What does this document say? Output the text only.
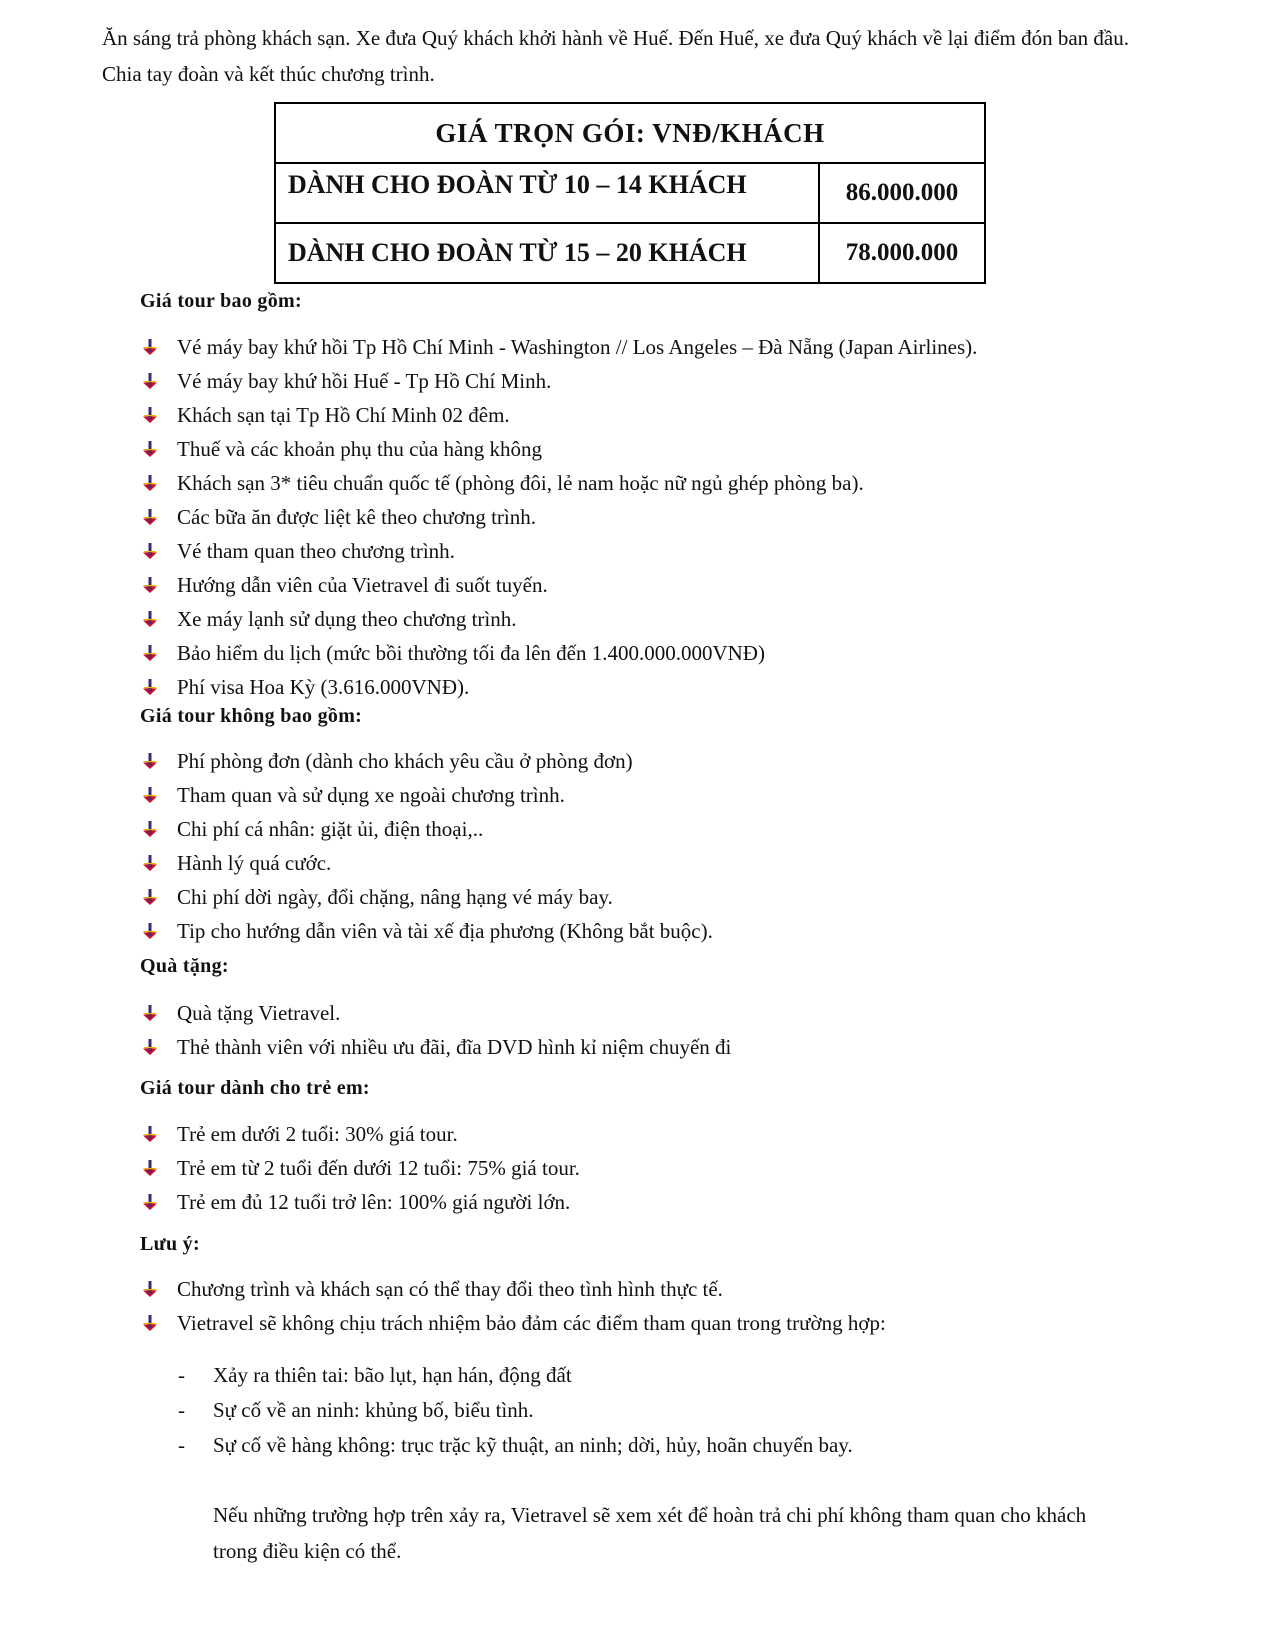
Ăn sáng trả phòng khách sạn. Xe đưa Quý khách khởi hành về Huế. Đến Huế, xe đưa Quý khách về lại điểm đón ban đầu. Chia tay đoàn và kết thúc chương trình.

GIÁ TRỌN GÓI: VNĐ/KHÁCH	
DÀNH CHO ĐOÀN TỪ 10 – 14 KHÁCH	86.000.000
DÀNH CHO ĐOÀN TỪ 15 – 20 KHÁCH	78.000.000

Giá tour bao gồm:

Vé máy bay khứ hồi Tp Hồ Chí Minh - Washington // Los Angeles – Đà Nẵng (Japan Airlines).
Vé máy bay khứ hồi Huế - Tp Hồ Chí Minh.
Khách sạn tại Tp Hồ Chí Minh 02 đêm.
Thuế và các khoản phụ thu của hàng không
Khách sạn 3* tiêu chuẩn quốc tế (phòng đôi, lẻ nam hoặc nữ ngủ ghép phòng ba).
Các bữa ăn được liệt kê theo chương trình.
Vé tham quan theo chương trình.
Hướng dẫn viên của Vietravel đi suốt tuyến.
Xe máy lạnh sử dụng theo chương trình.
Bảo hiểm du lịch (mức bồi thường tối đa lên đến 1.400.000.000VNĐ)
Phí visa Hoa Kỳ (3.616.000VNĐ).

Giá tour không bao gồm:

Phí phòng đơn (dành cho khách yêu cầu ở phòng đơn)
Tham quan và sử dụng xe ngoài chương trình.
Chi phí cá nhân: giặt ủi, điện thoại,..
Hành lý quá cước.
Chi phí dời ngày, đổi chặng, nâng hạng vé máy bay.
Tip cho hướng dẫn viên và tài xế địa phương (Không bắt buộc).

Quà tặng:

Quà tặng Vietravel.
Thẻ thành viên với nhiều ưu đãi, đĩa DVD hình kỉ niệm chuyến đi

Giá tour dành cho trẻ em:

Trẻ em dưới 2 tuổi: 30% giá tour.
Trẻ em từ 2 tuổi đến dưới 12 tuổi: 75% giá tour.
Trẻ em đủ 12 tuổi trở lên: 100% giá người lớn.

Lưu ý:

Chương trình và khách sạn có thể thay đổi theo tình hình thực tế.
Vietravel sẽ không chịu trách nhiệm bảo đảm các điểm tham quan trong trường hợp:
- Xảy ra thiên tai: bão lụt, hạn hán, động đất
- Sự cố về an ninh: khủng bố, biểu tình.
- Sự cố về hàng không: trục trặc kỹ thuật, an ninh; dời, hủy, hoãn chuyến bay.

Nếu những trường hợp trên xảy ra, Vietravel sẽ xem xét để hoàn trả chi phí không tham quan cho khách trong điều kiện có thể.
